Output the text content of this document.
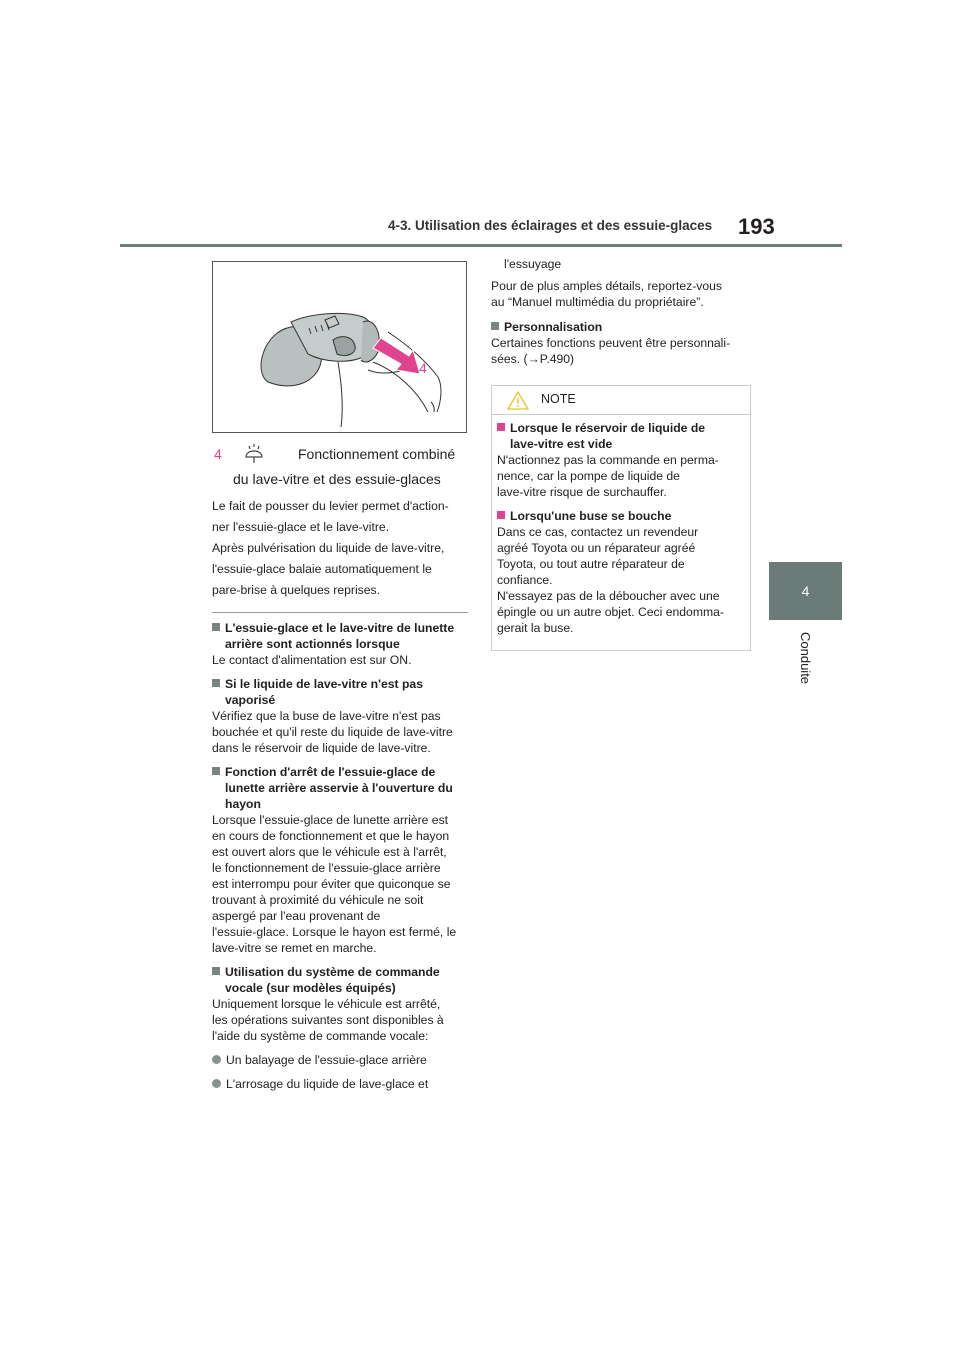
4-3. Utilisation des éclairages et des essuie-glaces 193
4
Conduite
4
4	Fonctionnement combiné
du lave-vitre et des essuie-glaces
Le fait de pousser du levier permet d'action-
ner l'essuie-glace et le lave-vitre.
Après pulvérisation du liquide de lave-vitre,
l'essuie-glace balaie automatiquement le
pare-brise à quelques reprises.
L'essuie-glace et le lave-vitre de lunette
arrière sont actionnés lorsque
Le contact d'alimentation est sur ON.
Si le liquide de lave-vitre n'est pas
vaporisé
Vérifiez que la buse de lave-vitre n'est pas
bouchée et qu'il reste du liquide de lave-vitre
dans le réservoir de liquide de lave-vitre.
Fonction d'arrêt de l'essuie-glace de
lunette arrière asservie à l'ouverture du
hayon
Lorsque l'essuie-glace de lunette arrière est
en cours de fonctionnement et que le hayon
est ouvert alors que le véhicule est à l'arrêt,
le fonctionnement de l'essuie-glace arrière
est interrompu pour éviter que quiconque se
trouvant à proximité du véhicule ne soit
aspergé par l'eau provenant de
l'essuie-glace. Lorsque le hayon est fermé, le
lave-vitre se remet en marche.
Utilisation du système de commande
vocale (sur modèles équipés)
Uniquement lorsque le véhicule est arrêté,
les opérations suivantes sont disponibles à
l'aide du système de commande vocale:
Un balayage de l'essuie-glace arrière
L'arrosage du liquide de lave-glace et
l'essuyage
Pour de plus amples détails, reportez-vous
au “Manuel multimédia du propriétaire”.
Personnalisation
Certaines fonctions peuvent être personnali-
sées. (→P.490)
NOTE
Lorsque le réservoir de liquide de
lave-vitre est vide
N'actionnez pas la commande en perma-
nence, car la pompe de liquide de
lave-vitre risque de surchauffer.
Lorsqu'une buse se bouche
Dans ce cas, contactez un revendeur
agréé Toyota ou un réparateur agréé
Toyota, ou tout autre réparateur de
confiance.
N'essayez pas de la déboucher avec une
épingle ou un autre objet. Ceci endomma-
gerait la buse.
